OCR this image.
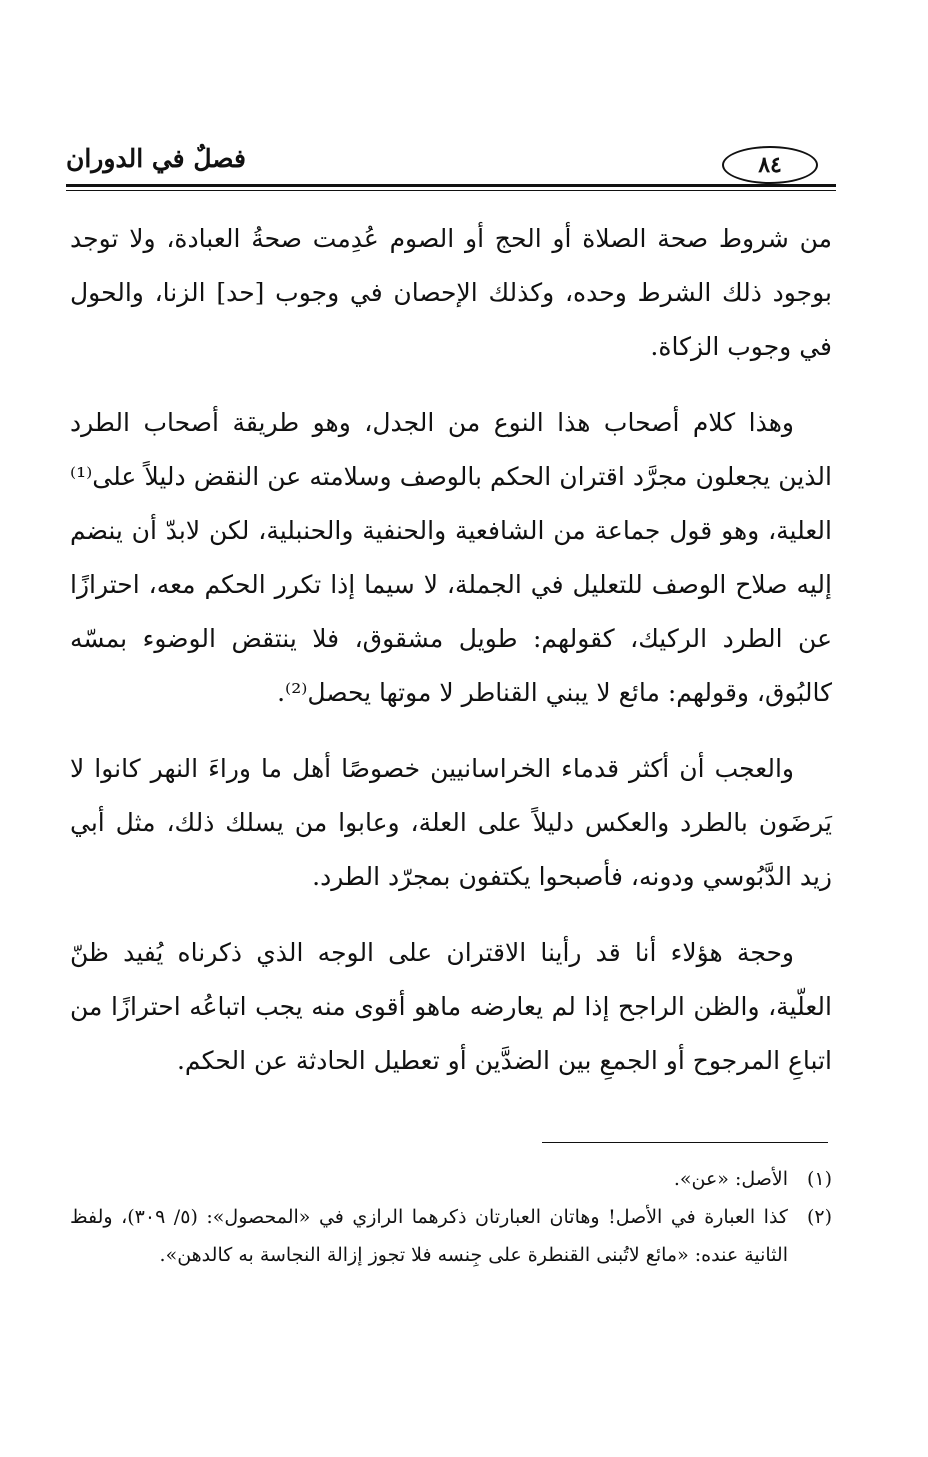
٨٤
فصلٌ في الدوران

من شروط صحة الصلاة أو الحج أو الصوم عُدِمت صحةُ العبادة، ولا توجد بوجود ذلك الشرط وحده، وكذلك الإحصان في وجوب [حد] الزنا، والحول في وجوب الزكاة.

وهذا كلام أصحاب هذا النوع من الجدل، وهو طريقة أصحاب الطرد الذين يجعلون مجرَّد اقتران الحكم بالوصف وسلامته عن النقض دليلاً على⁽¹⁾ العلية، وهو قول جماعة من الشافعية والحنفية والحنبلية، لكن لابدّ أن ينضم إليه صلاح الوصف للتعليل في الجملة، لا سيما إذا تكرر الحكم معه، احترازًا عن الطرد الركيك، كقولهم: طويل مشقوق، فلا ينتقض الوضوء بمسّه كالبُوق، وقولهم: مائع لا يبني القناطر لا موتها يحصل⁽²⁾.

والعجب أن أكثر قدماء الخراسانيين خصوصًا أهل ما وراءَ النهر كانوا لا يَرضَون بالطرد والعكس دليلاً على العلة، وعابوا من يسلك ذلك، مثل أبي زيد الدَّبُوسي ودونه، فأصبحوا يكتفون بمجرّد الطرد.

وحجة هؤلاء أنا قد رأينا الاقتران على الوجه الذي ذكرناه يُفيد ظنّ العلّية، والظن الراجح إذا لم يعارضه ماهو أقوى منه يجب اتباعُه احترازًا من اتباعِ المرجوح أو الجمعِ بين الضدَّين أو تعطيل الحادثة عن الحكم.

(١)
الأصل: «عن».
(٢)
كذا العبارة في الأصل! وهاتان العبارتان ذكرهما الرازي في «المحصول»: (٥/ ٣٠٩)، ولفظ الثانية عنده: «مائع لاتُبنى القنطرة على جِنسه فلا تجوز إزالة النجاسة به كالدهن».
